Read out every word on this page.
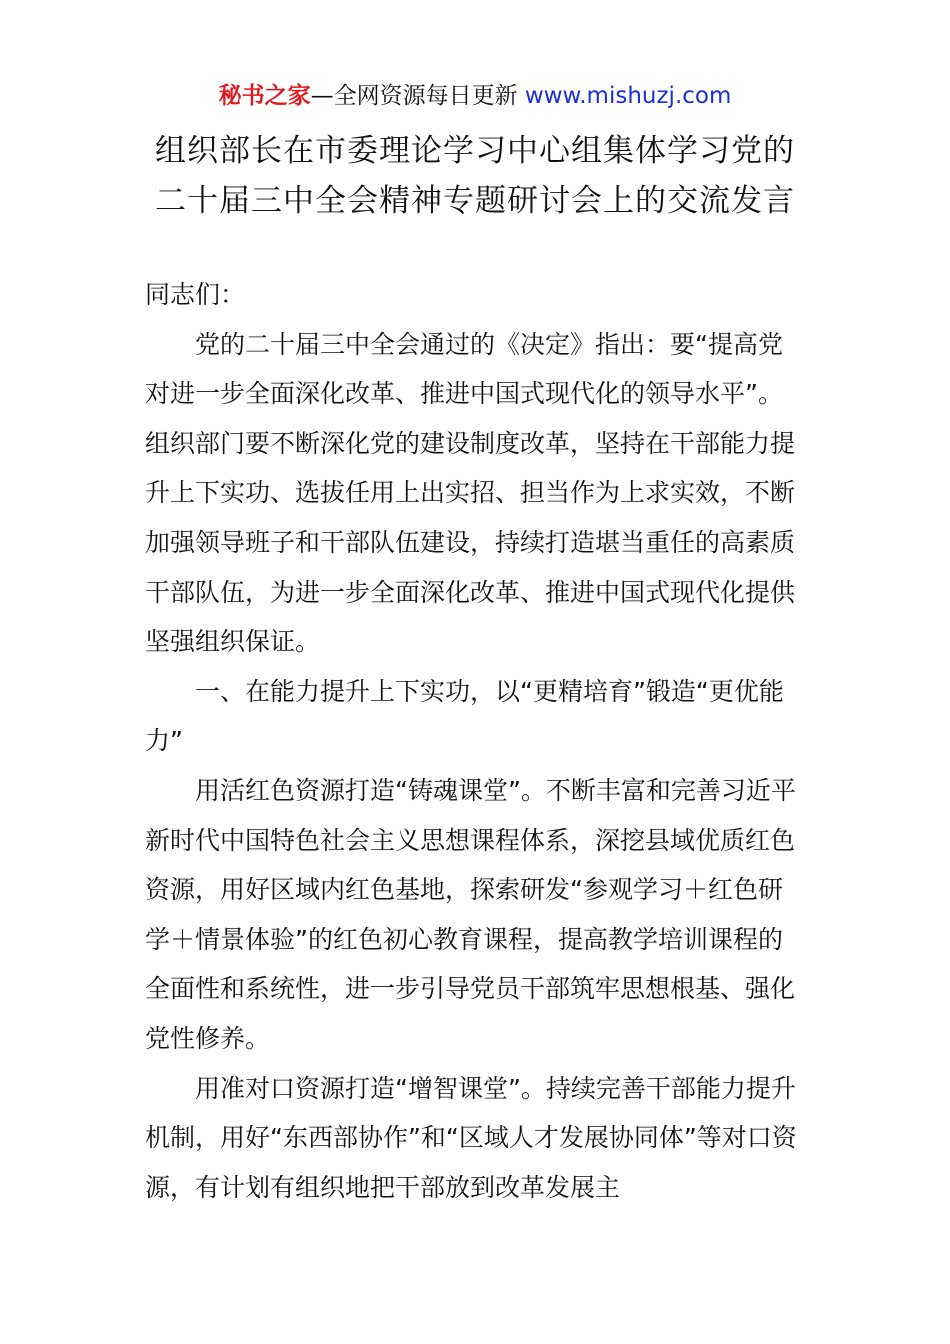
秘书之家—全网资源每日更新 www.mishuzj.com
组织部长在市委理论学习中心组集体学习党的
二十届三中全会精神专题研讨会上的交流发言

同志们：

党的二十届三中全会通过的《决定》指出：要“提高党对进一步全面深化改革、推进中国式现代化的领导水平”。组织部门要不断深化党的建设制度改革，坚持在干部能力提升上下实功、选拔任用上出实招、担当作为上求实效，不断加强领导班子和干部队伍建设，持续打造堪当重任的高素质干部队伍，为进一步全面深化改革、推进中国式现代化提供坚强组织保证。

一、在能力提升上下实功，以“更精培育”锻造“更优能力”

用活红色资源打造“铸魂课堂”。不断丰富和完善习近平新时代中国特色社会主义思想课程体系，深挖县域优质红色资源，用好区域内红色基地，探索研发“参观学习＋红色研学＋情景体验”的红色初心教育课程，提高教学培训课程的全面性和系统性，进一步引导党员干部筑牢思想根基、强化党性修养。

用准对口资源打造“增智课堂”。持续完善干部能力提升机制，用好“东西部协作”和“区域人才发展协同体”等对口资源，有计划有组织地把干部放到改革发展主
